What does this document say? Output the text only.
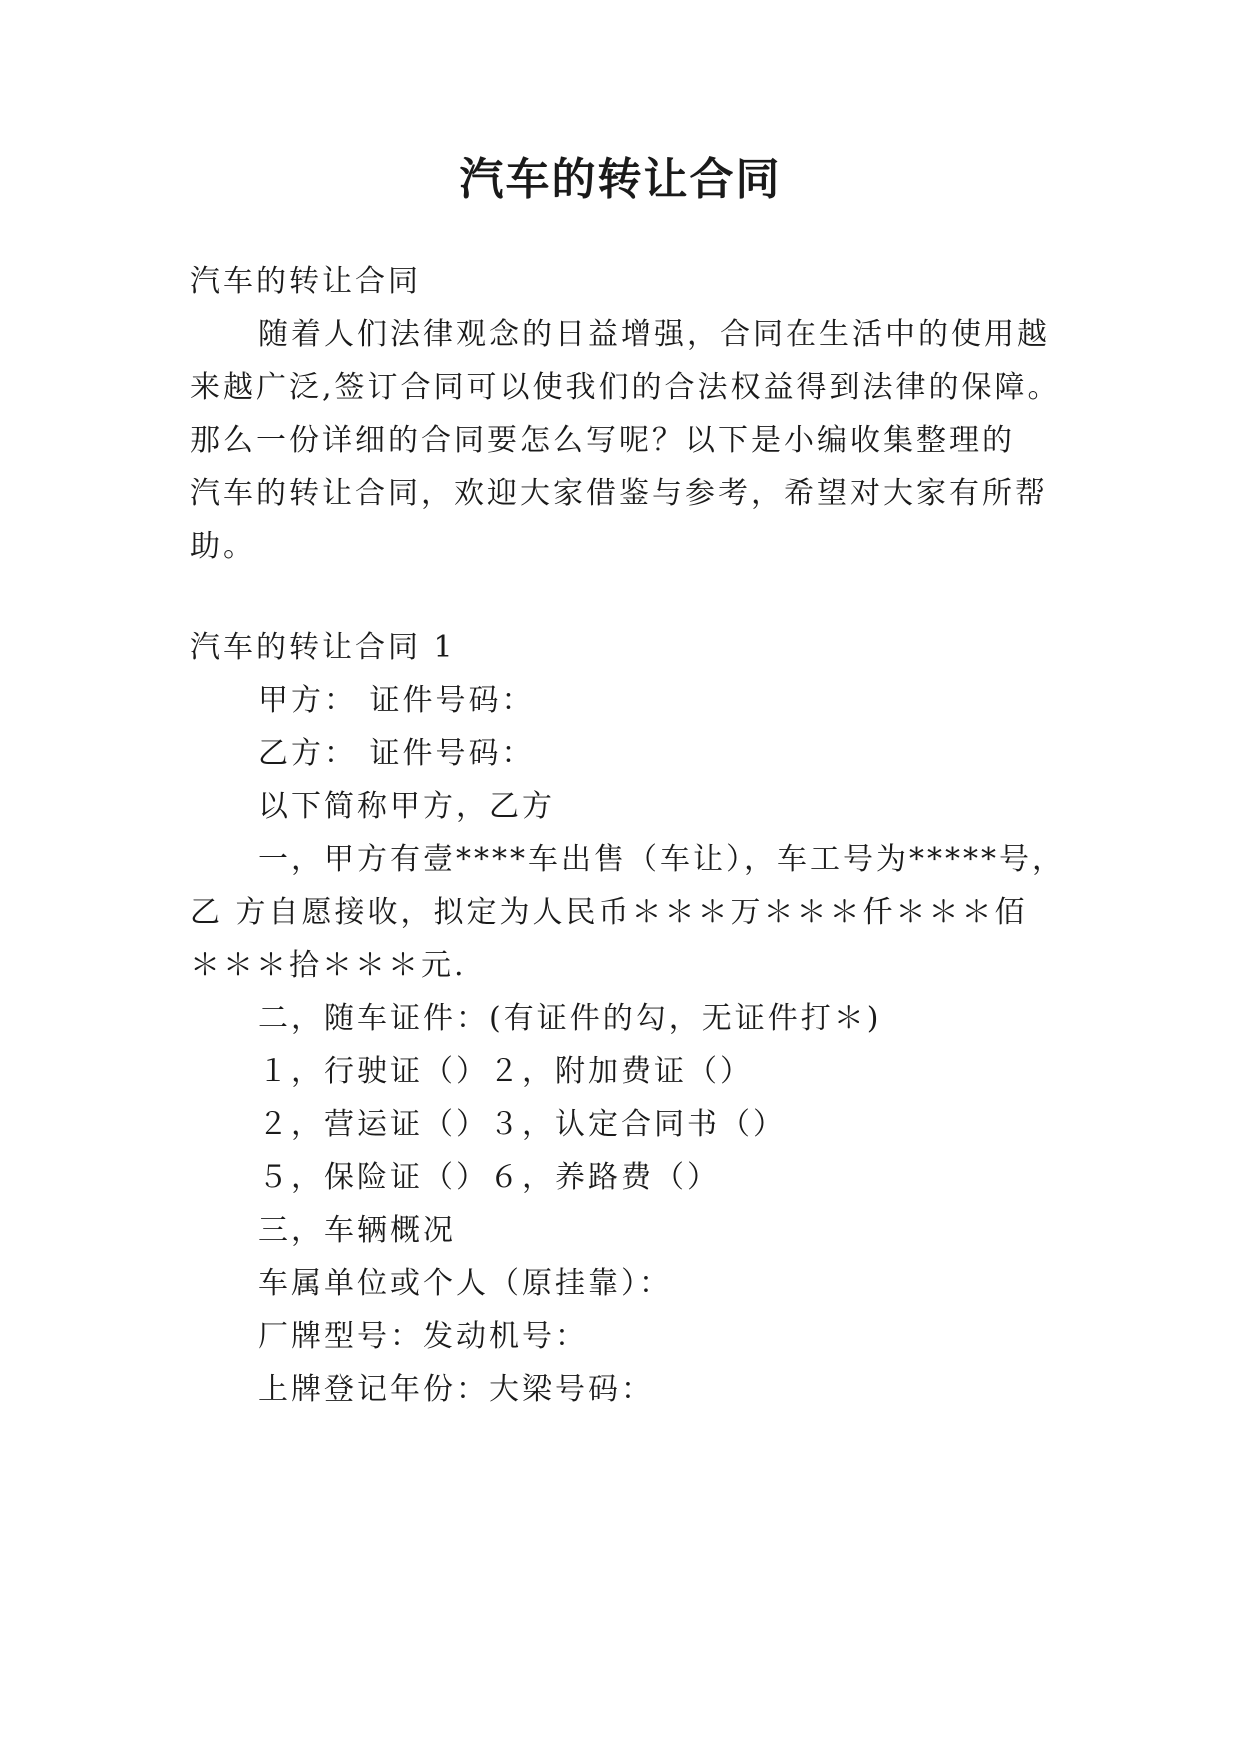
汽车的转让合同

汽车的转让合同

随着人们法律观念的日益增强，合同在生活中的使用越

来越广泛,签订合同可以使我们的合法权益得到法律的保障。

那么一份详细的合同要怎么写呢？以下是小编收集整理的

汽车的转让合同，欢迎大家借鉴与参考，希望对大家有所帮

助。

汽车的转让合同 1

甲方： 证件号码：

乙方： 证件号码：

以下简称甲方，乙方

一，甲方有壹****车出售（车让），车工号为*****号，

乙 方自愿接收，拟定为人民币＊＊＊万＊＊＊仟＊＊＊佰

＊＊＊拾＊＊＊元.

二，随车证件：(有证件的勾，无证件打＊)

１，行驶证（）２，附加费证（）

２，营运证（）３，认定合同书（）

５，保险证（）６，养路费（）

三，车辆概况

车属单位或个人（原挂靠）：

厂牌型号：发动机号：

上牌登记年份：大梁号码：
